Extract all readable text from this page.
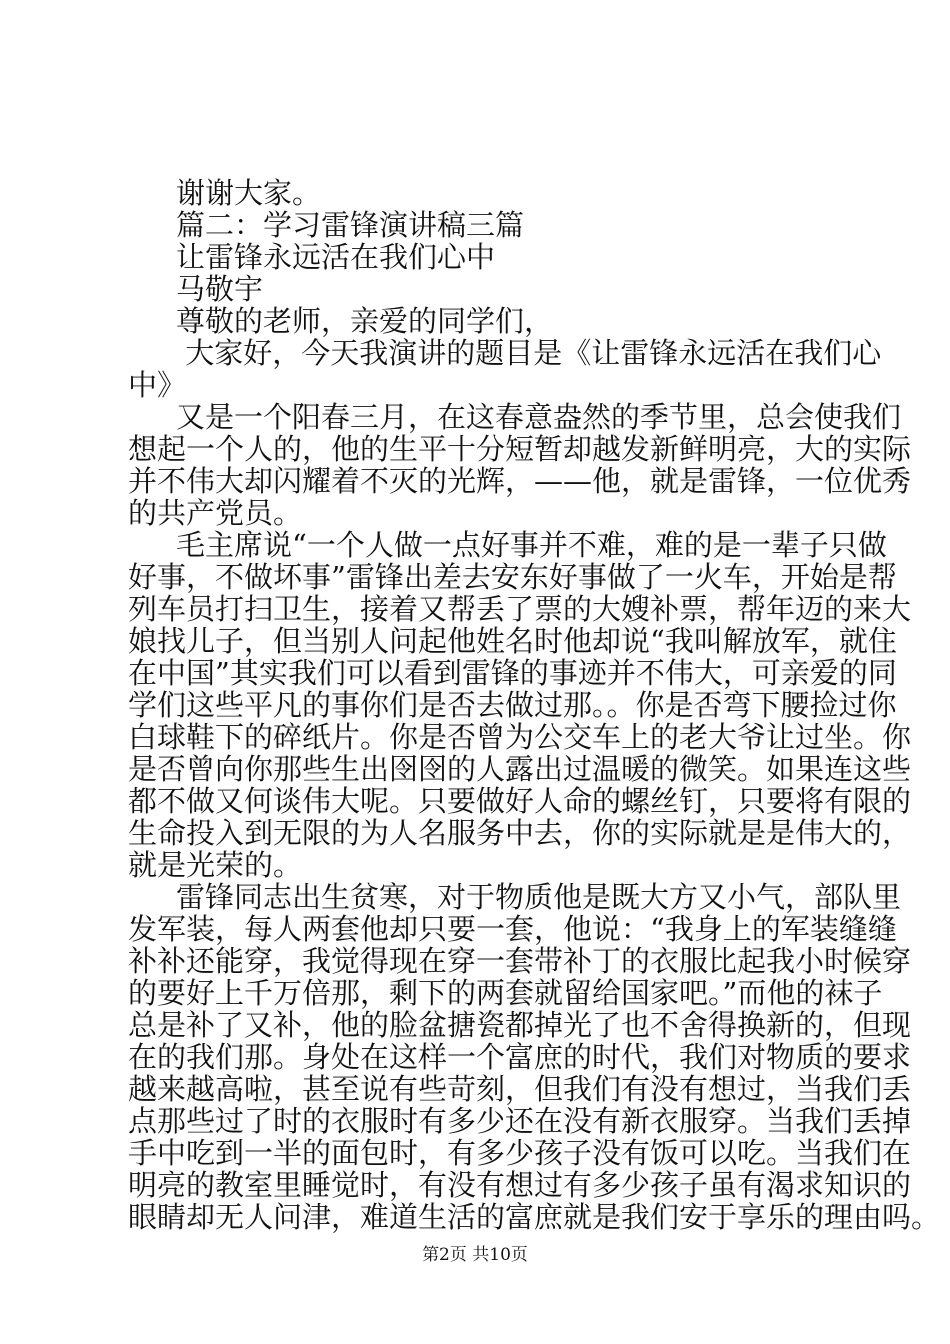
谢谢大家。
篇二：学习雷锋演讲稿三篇
让雷锋永远活在我们心中
马敬宇
尊敬的老师，亲爱的同学们，
大家好，今天我演讲的题目是《让雷锋永远活在我们心
中》
又是一个阳春三月，在这春意盎然的季节里，总会使我们
想起一个人的，他的生平十分短暂却越发新鲜明亮，大的实际
并不伟大却闪耀着不灭的光辉，——他，就是雷锋，一位优秀
的共产党员。
毛主席说“一个人做一点好事并不难，难的是一辈子只做
好事，不做坏事”雷锋出差去安东好事做了一火车，开始是帮
列车员打扫卫生，接着又帮丢了票的大嫂补票，帮年迈的来大
娘找儿子，但当别人问起他姓名时他却说“我叫解放军，就住
在中国”其实我们可以看到雷锋的事迹并不伟大，可亲爱的同
学们这些平凡的事你们是否去做过那。。你是否弯下腰捡过你
白球鞋下的碎纸片。你是否曾为公交车上的老大爷让过坐。你
是否曾向你那些生出囹囹的人露出过温暖的微笑。如果连这些
都不做又何谈伟大呢。只要做好人命的螺丝钉，只要将有限的
生命投入到无限的为人名服务中去，你的实际就是是伟大的，
就是光荣的。
雷锋同志出生贫寒，对于物质他是既大方又小气，部队里
发军装，每人两套他却只要一套，他说：“我身上的军装缝缝
补补还能穿，我觉得现在穿一套带补丁的衣服比起我小时候穿
的要好上千万倍那，剩下的两套就留给国家吧。”而他的袜子
总是补了又补，他的脸盆搪瓷都掉光了也不舍得换新的，但现
在的我们那。身处在这样一个富庶的时代，我们对物质的要求
越来越高啦，甚至说有些苛刻，但我们有没有想过，当我们丢
点那些过了时的衣服时有多少还在没有新衣服穿。当我们丢掉
手中吃到一半的面包时，有多少孩子没有饭可以吃。当我们在
明亮的教室里睡觉时，有没有想过有多少孩子虽有渴求知识的
眼睛却无人问津，难道生活的富庶就是我们安于享乐的理由吗。
第2页 共10页
